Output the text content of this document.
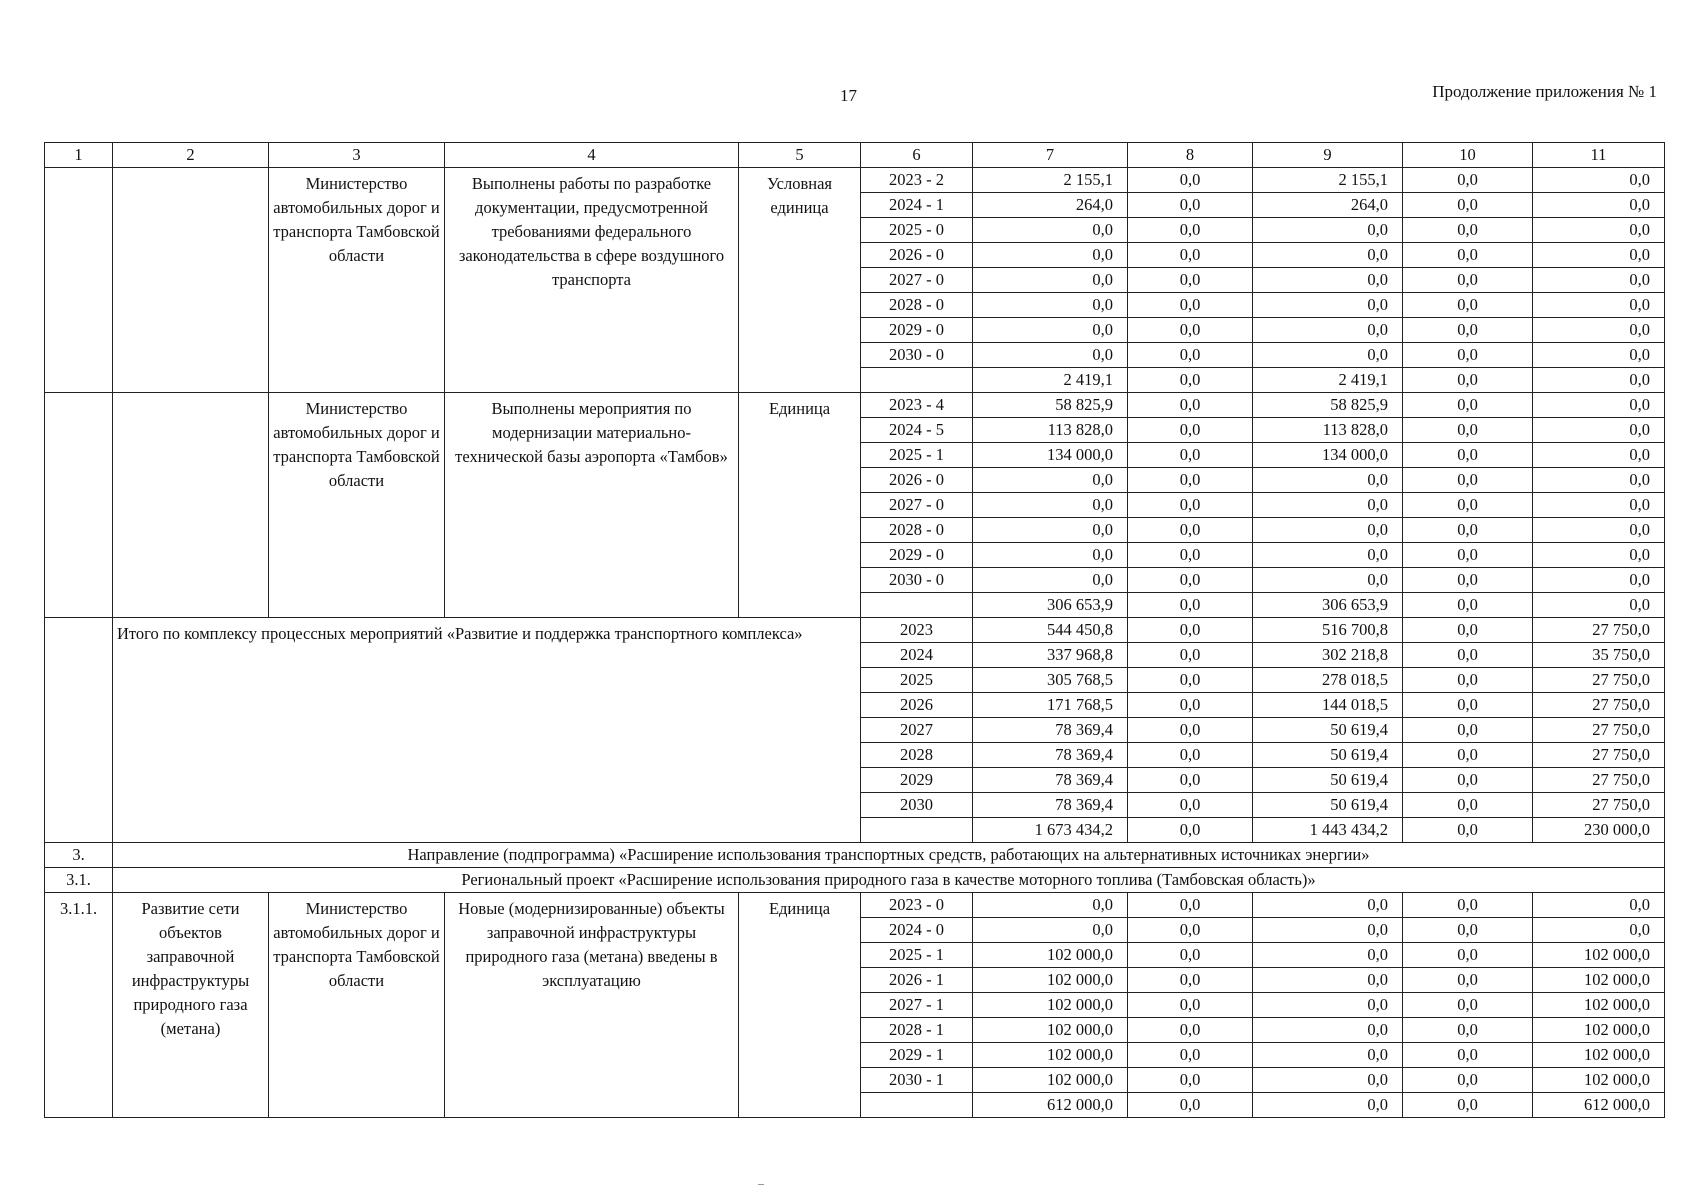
17	Продолжение приложения № 1
1	2	3	4	5	6	7	8	9	10	11
		Министерство автомобильных дорог и транспорта Тамбовской области	Выполнены работы по разработке документации, предусмотренной требованиями федерального законодательства в сфере воздушного транспорта	Условная единица	2023 - 2	2 155,1	0,0	2 155,1	0,0	0,0
					2024 - 1	264,0	0,0	264,0	0,0	0,0
					2025 - 0	0,0	0,0	0,0	0,0	0,0
					2026 - 0	0,0	0,0	0,0	0,0	0,0
					2027 - 0	0,0	0,0	0,0	0,0	0,0
					2028 - 0	0,0	0,0	0,0	0,0	0,0
					2029 - 0	0,0	0,0	0,0	0,0	0,0
					2030 - 0	0,0	0,0	0,0	0,0	0,0
						2 419,1	0,0	2 419,1	0,0	0,0
		Министерство автомобильных дорог и транспорта Тамбовской области	Выполнены мероприятия по модернизации материально-технической базы аэропорта «Тамбов»	Единица	2023 - 4	58 825,9	0,0	58 825,9	0,0	0,0
					2024 - 5	113 828,0	0,0	113 828,0	0,0	0,0
					2025 - 1	134 000,0	0,0	134 000,0	0,0	0,0
					2026 - 0	0,0	0,0	0,0	0,0	0,0
					2027 - 0	0,0	0,0	0,0	0,0	0,0
					2028 - 0	0,0	0,0	0,0	0,0	0,0
					2029 - 0	0,0	0,0	0,0	0,0	0,0
					2030 - 0	0,0	0,0	0,0	0,0	0,0
						306 653,9	0,0	306 653,9	0,0	0,0
	Итого по комплексу процессных мероприятий «Развитие и поддержка транспортного комплекса»				2023	544 450,8	0,0	516 700,8	0,0	27 750,0
					2024	337 968,8	0,0	302 218,8	0,0	35 750,0
					2025	305 768,5	0,0	278 018,5	0,0	27 750,0
					2026	171 768,5	0,0	144 018,5	0,0	27 750,0
					2027	78 369,4	0,0	50 619,4	0,0	27 750,0
					2028	78 369,4	0,0	50 619,4	0,0	27 750,0
					2029	78 369,4	0,0	50 619,4	0,0	27 750,0
					2030	78 369,4	0,0	50 619,4	0,0	27 750,0
						1 673 434,2	0,0	1 443 434,2	0,0	230 000,0
3.	Направление (подпрограмма) «Расширение использования транспортных средств, работающих на альтернативных источниках энергии»									
3.1.	Региональный проект «Расширение использования природного газа в качестве моторного топлива (Тамбовская область)»									
3.1.1.	Развитие сети объектов заправочной инфраструктуры природного газа (метана)	Министерство автомобильных дорог и транспорта Тамбовской области	Новые (модернизированные) объекты заправочной инфраструктуры природного газа (метана) введены в эксплуатацию	Единица	2023 - 0	0,0	0,0	0,0	0,0	0,0
					2024 - 0	0,0	0,0	0,0	0,0	0,0
					2025 - 1	102 000,0	0,0	0,0	0,0	102 000,0
					2026 - 1	102 000,0	0,0	0,0	0,0	102 000,0
					2027 - 1	102 000,0	0,0	0,0	0,0	102 000,0
					2028 - 1	102 000,0	0,0	0,0	0,0	102 000,0
					2029 - 1	102 000,0	0,0	0,0	0,0	102 000,0
					2030 - 1	102 000,0	0,0	0,0	0,0	102 000,0
						612 000,0	0,0	0,0	0,0	612 000,0
